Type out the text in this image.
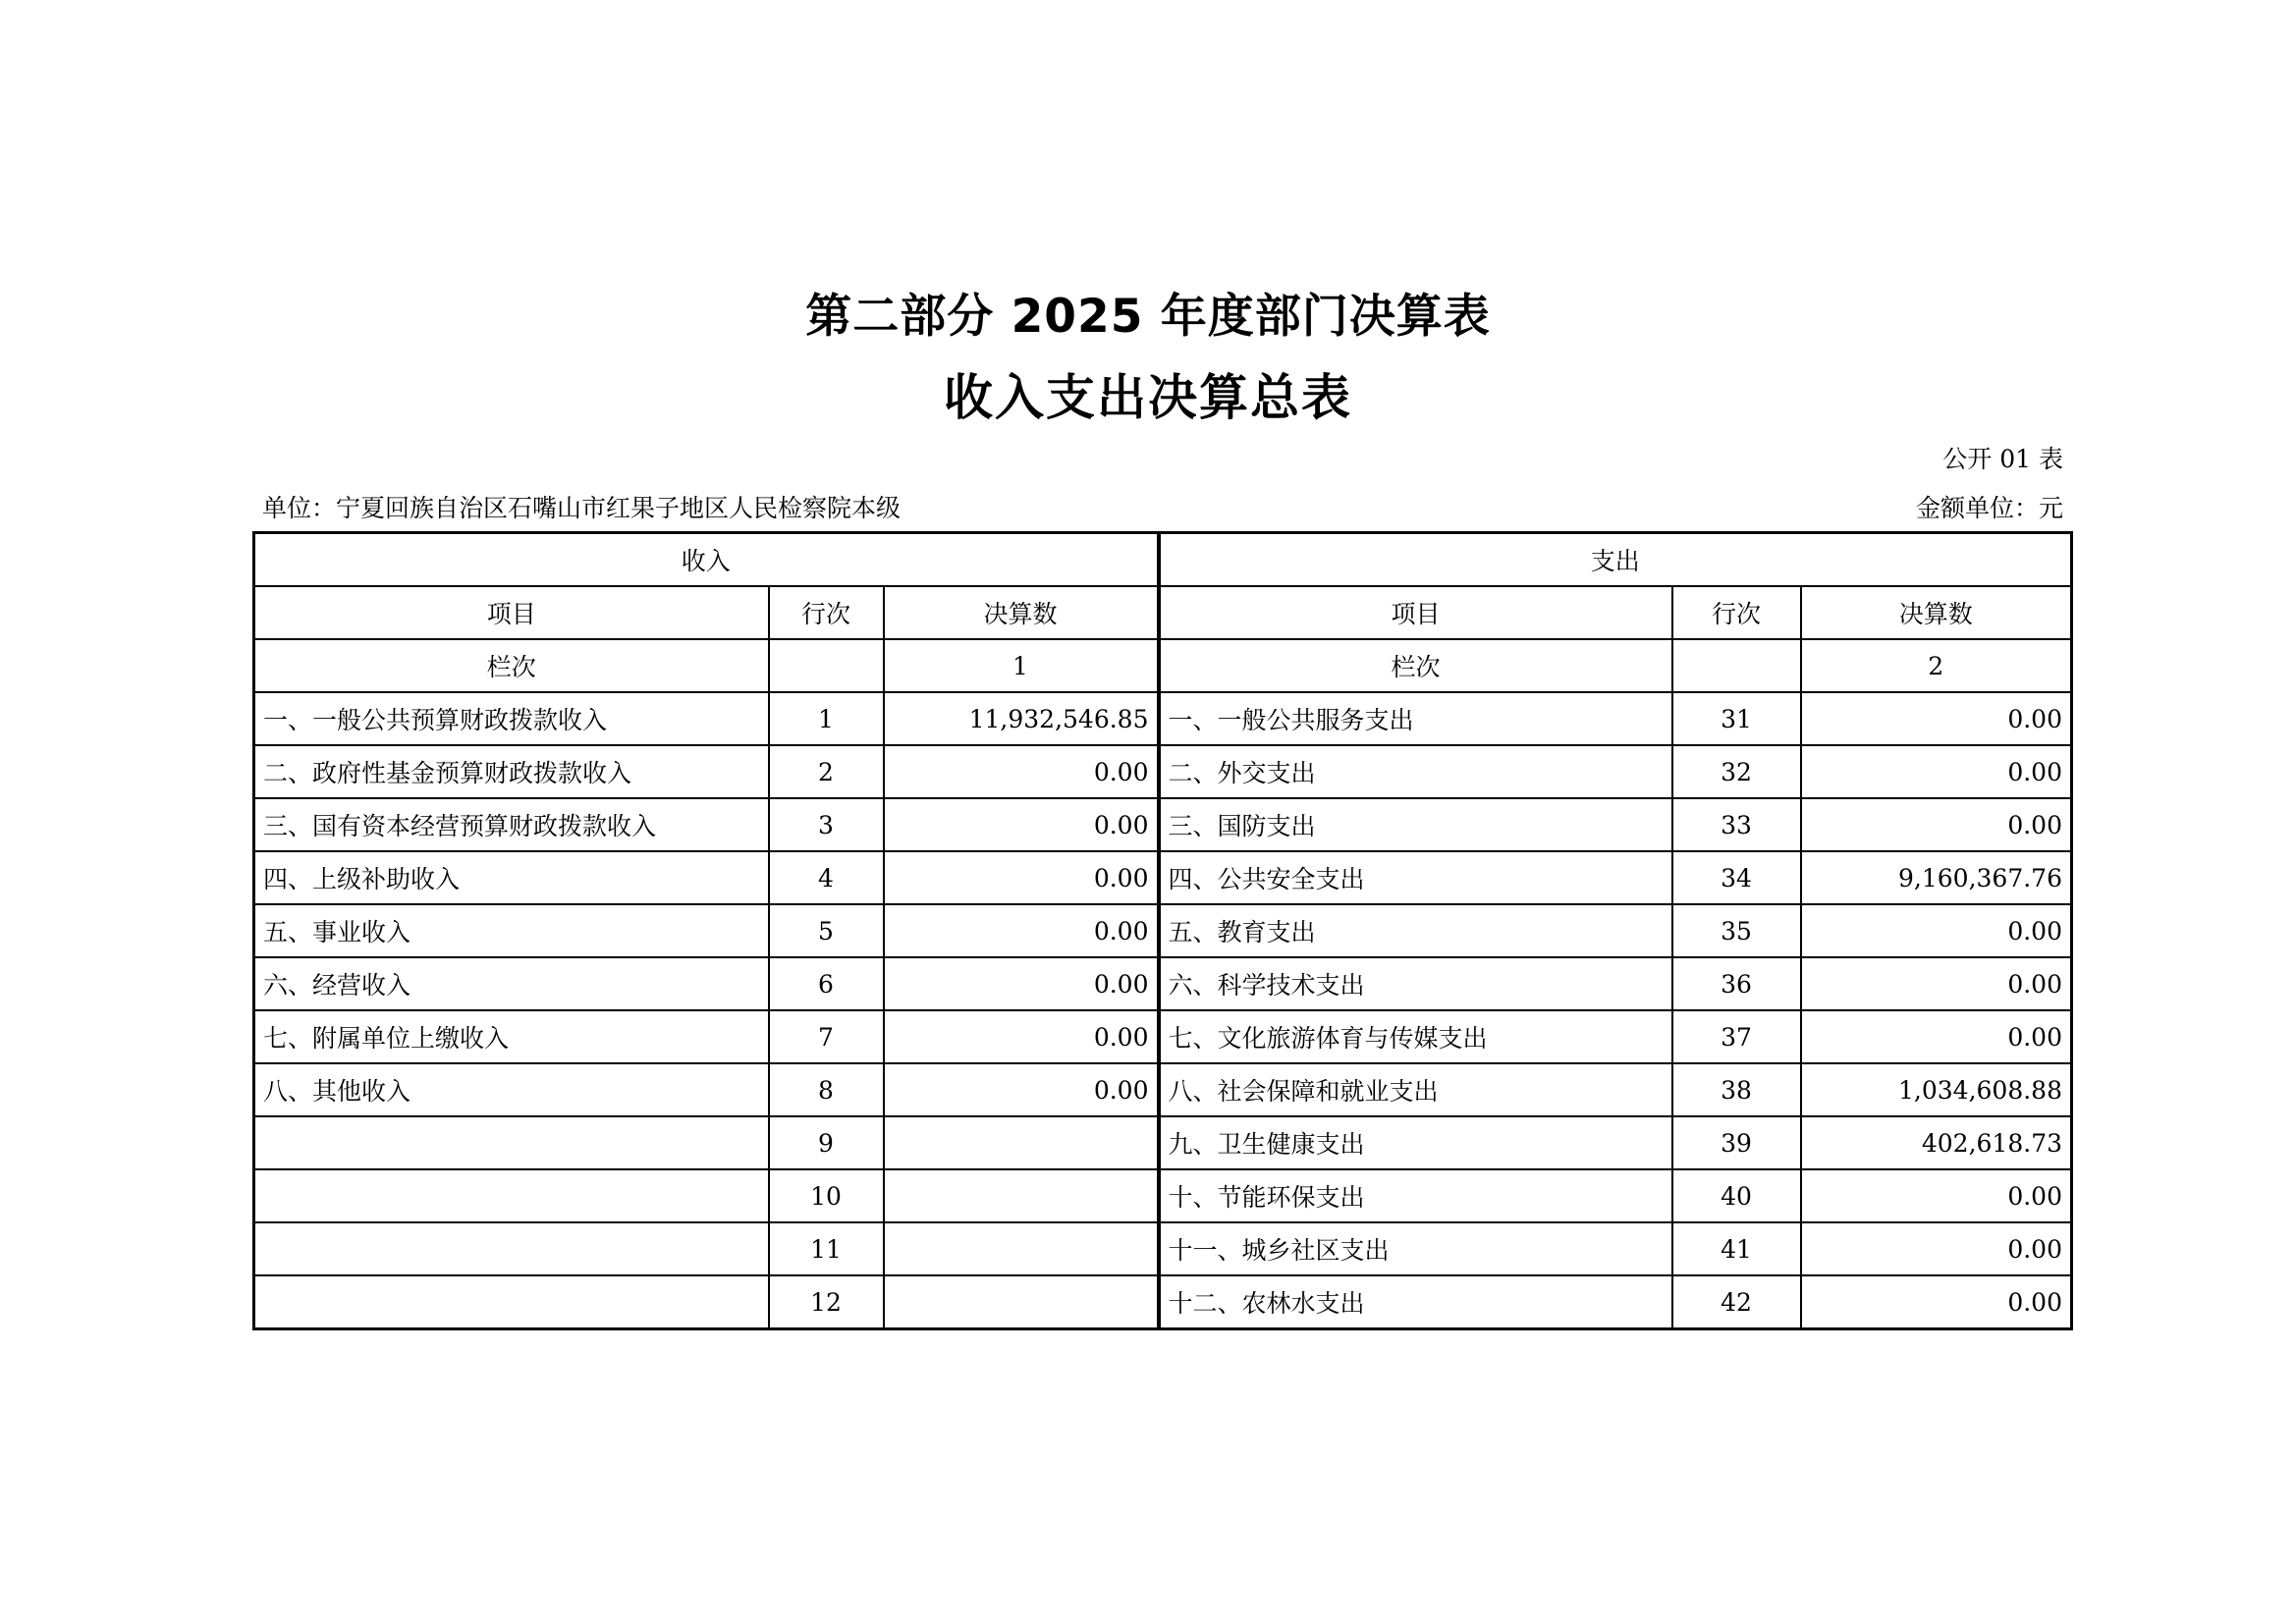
第二部分 2025 年度部门决算表
收入支出决算总表
公开 01 表
单位：宁夏回族自治区石嘴山市红果子地区人民检察院本级	金额单位：元
收入			支出		
项目	行次	决算数	项目	行次	决算数
栏次		1	栏次		2
一、一般公共预算财政拨款收入	1	11,932,546.85	一、一般公共服务支出	31	0.00
二、政府性基金预算财政拨款收入	2	0.00	二、外交支出	32	0.00
三、国有资本经营预算财政拨款收入	3	0.00	三、国防支出	33	0.00
四、上级补助收入	4	0.00	四、公共安全支出	34	9,160,367.76
五、事业收入	5	0.00	五、教育支出	35	0.00
六、经营收入	6	0.00	六、科学技术支出	36	0.00
七、附属单位上缴收入	7	0.00	七、文化旅游体育与传媒支出	37	0.00
八、其他收入	8	0.00	八、社会保障和就业支出	38	1,034,608.88
	9		九、卫生健康支出	39	402,618.73
	10		十、节能环保支出	40	0.00
	11		十一、城乡社区支出	41	0.00
	12		十二、农林水支出	42	0.00
